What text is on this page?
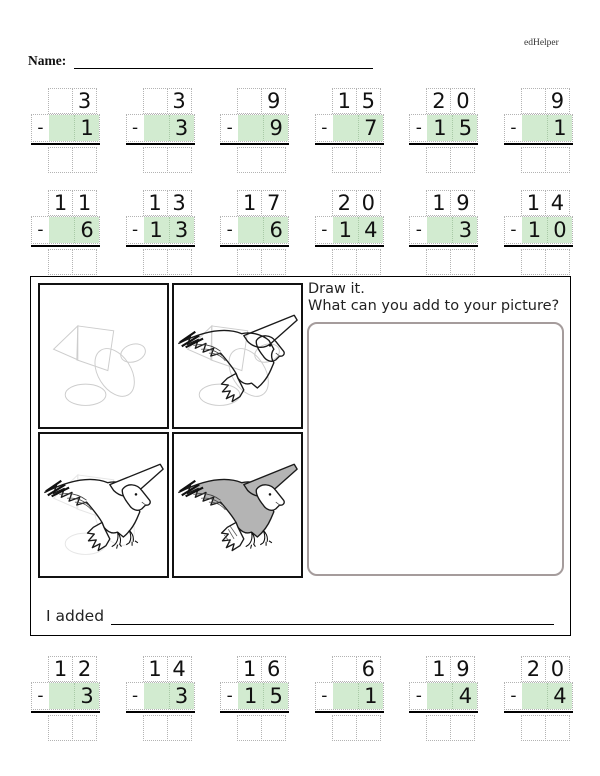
edHelper
Name:
3
-	1
3
-	3
9
-	9
1 5
-	7
2 0
- 1 5
9
-	1
1 1
-	6
1 3
- 1 3
1 7
-	6
2 0
- 1 4
1 9
-	3
1 4
- 1 0
1 2
-	3
1 4
-	3
1 6
- 1 5
6
-	1
1 9
-	4
2 0
-	4
Draw it.
What can you add to your picture?
I added
